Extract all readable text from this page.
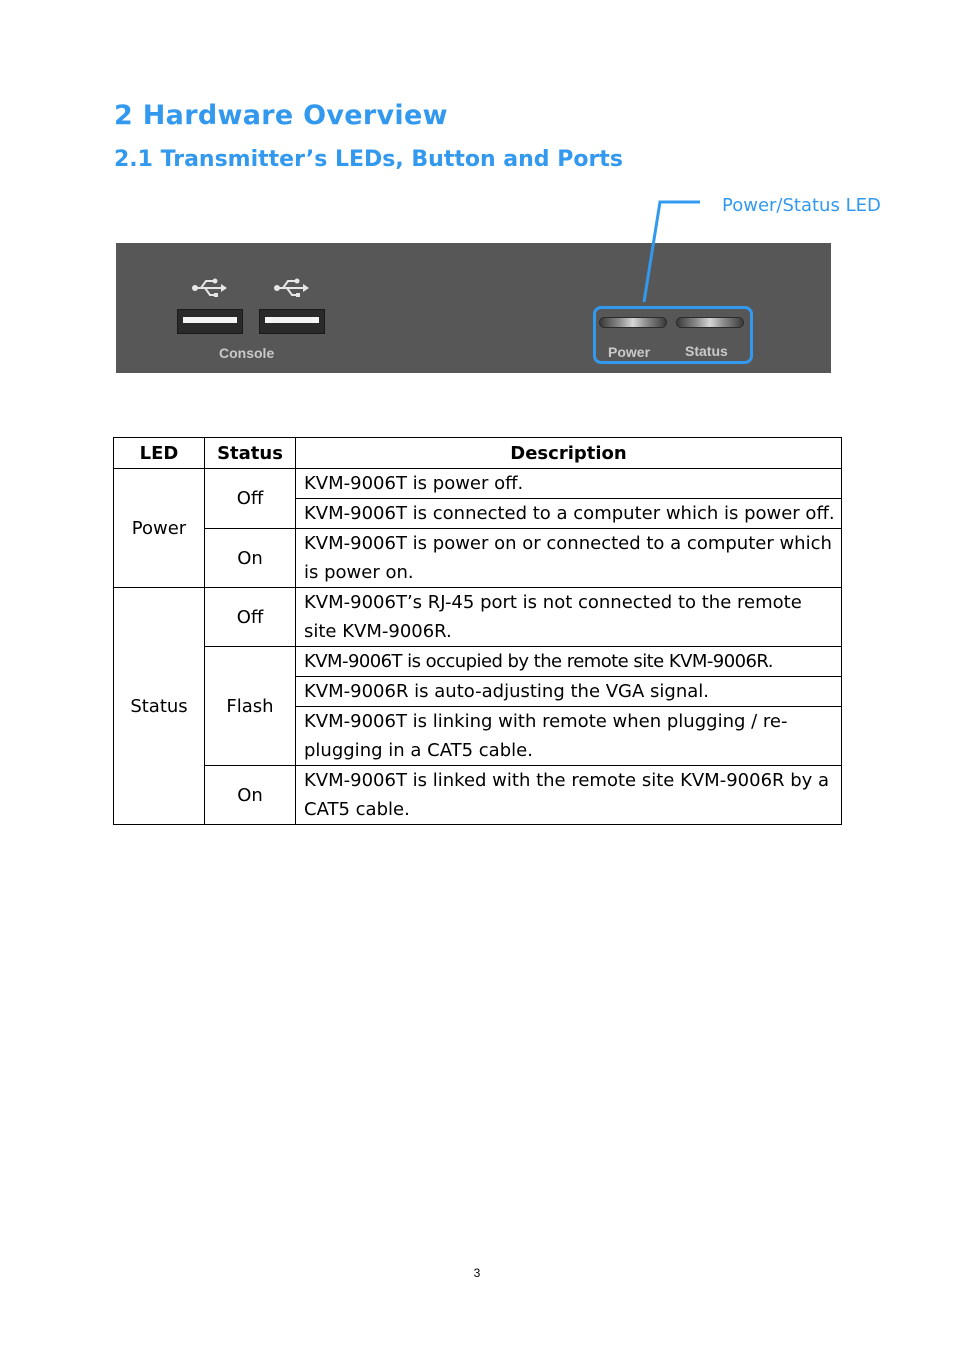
2 Hardware Overview
2.1 Transmitter’s LEDs, Button and Ports
Power/Status LED
Console	Power Status
LED	Status	Description
Power	Off	KVM-9006T is power off.
		KVM-9006T is connected to a computer which is power off.
	On	KVM-9006T is power on or connected to a computer which is power on.
Status	Off	KVM-9006T’s RJ-45 port is not connected to the remote site KVM-9006R.
	Flash	KVM-9006T is occupied by the remote site KVM-9006R.
		KVM-9006R is auto-adjusting the VGA signal.
		KVM-9006T is linking with remote when plugging / re-plugging in a CAT5 cable.
	On	KVM-9006T is linked with the remote site KVM-9006R by a CAT5 cable.
3
